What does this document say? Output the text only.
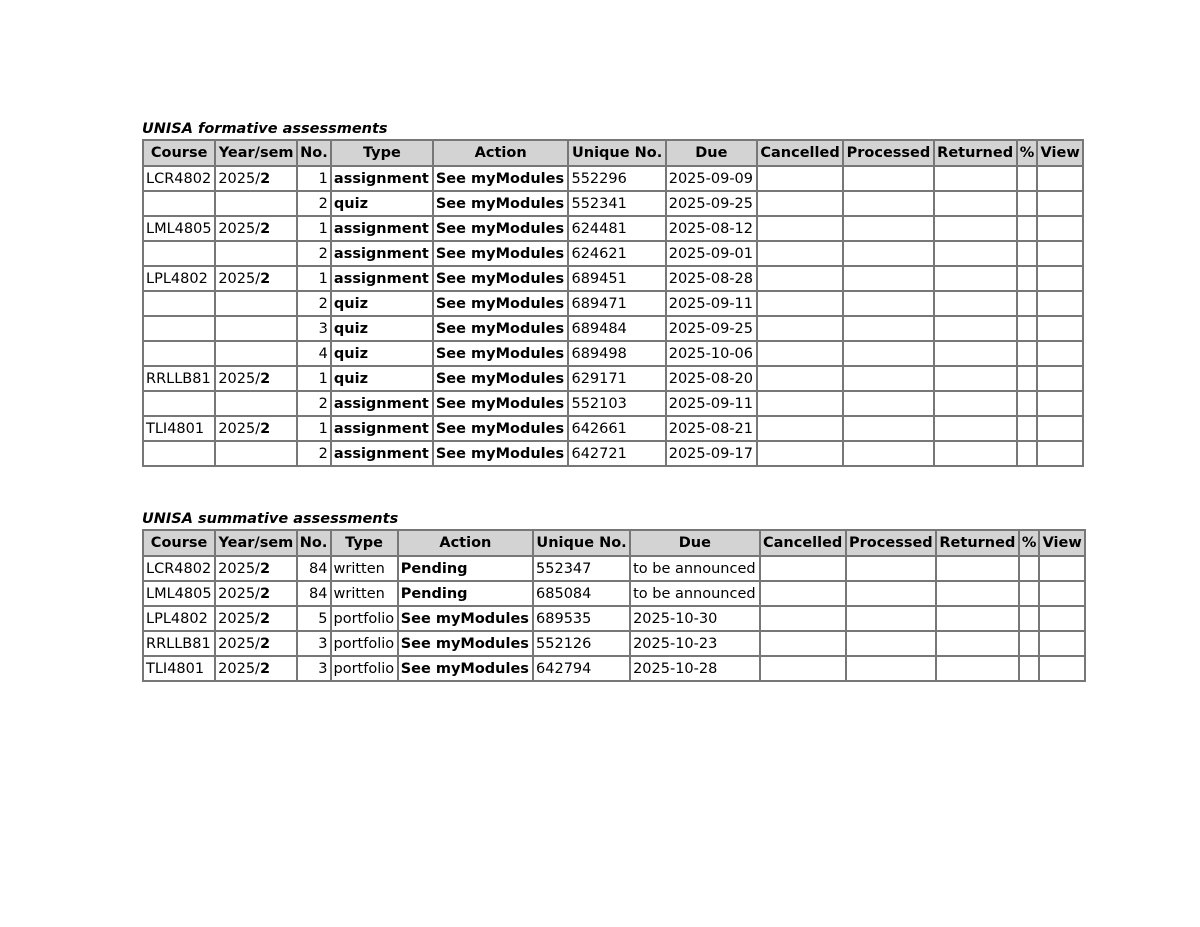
UNISA formative assessments
Course	Year/sem	No.	Type	Action	Unique No.	Due	Cancelled	Processed	Returned	%	View
LCR4802	2025/2	1	assignment	See myModules	552296	2025-09-09					
		2	quiz	See myModules	552341	2025-09-25					
LML4805	2025/2	1	assignment	See myModules	624481	2025-08-12					
		2	assignment	See myModules	624621	2025-09-01					
LPL4802	2025/2	1	assignment	See myModules	689451	2025-08-28					
		2	quiz	See myModules	689471	2025-09-11					
		3	quiz	See myModules	689484	2025-09-25					
		4	quiz	See myModules	689498	2025-10-06					
RRLLB81	2025/2	1	quiz	See myModules	629171	2025-08-20					
		2	assignment	See myModules	552103	2025-09-11					
TLI4801	2025/2	1	assignment	See myModules	642661	2025-08-21					
		2	assignment	See myModules	642721	2025-09-17					
UNISA summative assessments
Course	Year/sem	No.	Type	Action	Unique No.	Due	Cancelled	Processed	Returned	%	View
LCR4802	2025/2	84	written	Pending	552347	to be announced					
LML4805	2025/2	84	written	Pending	685084	to be announced					
LPL4802	2025/2	5	portfolio	See myModules	689535	2025-10-30					
RRLLB81	2025/2	3	portfolio	See myModules	552126	2025-10-23					
TLI4801	2025/2	3	portfolio	See myModules	642794	2025-10-28					
